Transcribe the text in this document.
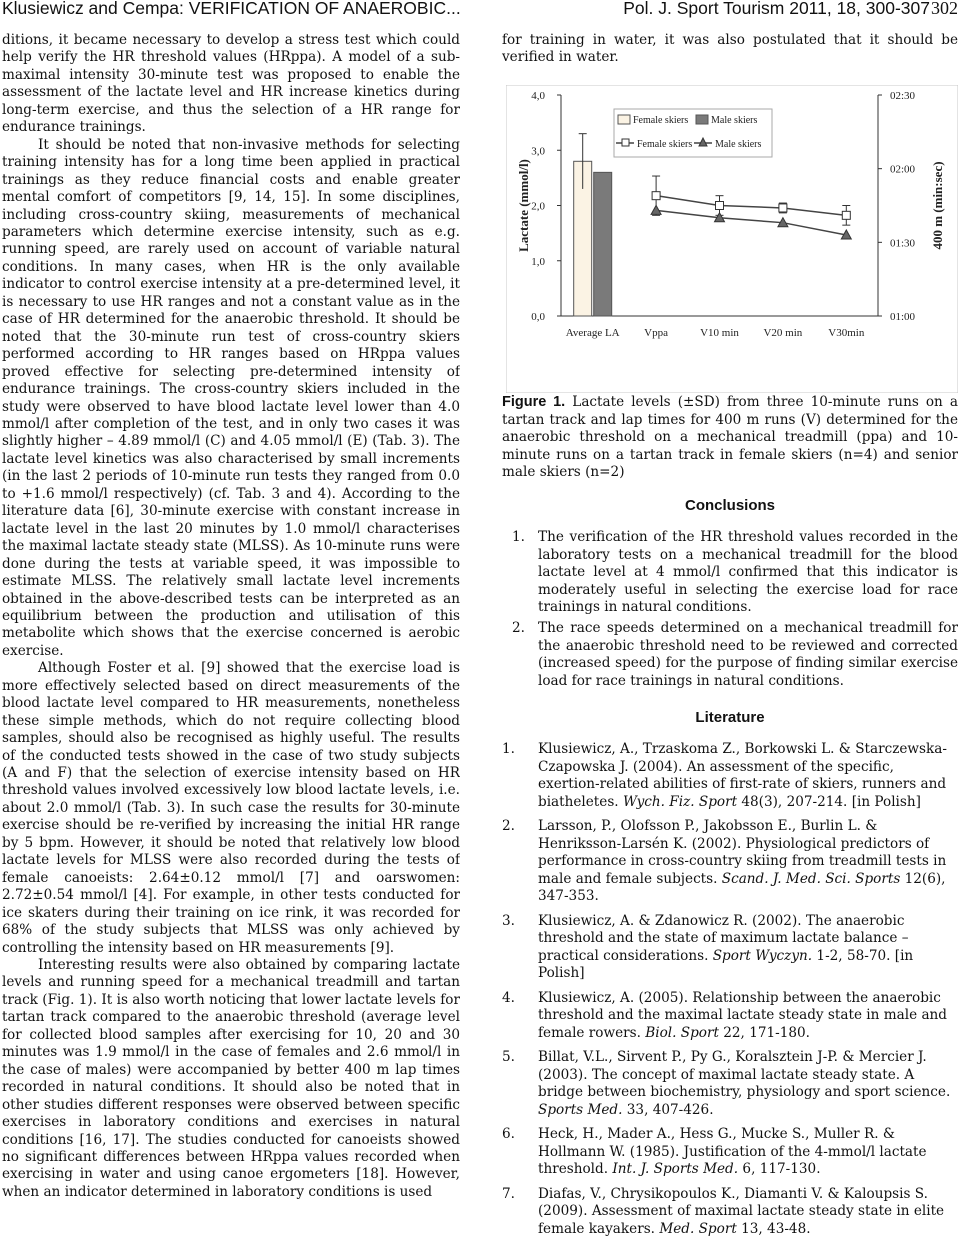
Klusiewicz and Cempa: VERIFICATION OF ANAEROBIC...	Pol. J. Sport Tourism 2011, 18, 300-307 302

ditions, it became necessary to develop a stress test which could help verify the HR threshold values (HRppa). A model of a sub-maximal intensity 30-minute test was proposed to enable the assessment of the lactate level and HR increase kinetics during long-term exercise, and thus the selection of a HR range for endurance trainings.

It should be noted that non-invasive methods for selecting training intensity has for a long time been applied in practical trainings as they reduce financial costs and enable greater mental comfort of competitors [9, 14, 15]. In some disciplines, including cross-country skiing, measurements of mechanical parameters which determine exercise intensity, such as e.g. running speed, are rarely used on account of variable natural conditions. In many cases, when HR is the only available indicator to control exercise intensity at a pre-determined level, it is necessary to use HR ranges and not a constant value as in the case of HR determined for the anaerobic threshold. It should be noted that the 30-minute run test of cross-country skiers performed according to HR ranges based on HRppa values proved effective for selecting pre-determined intensity of endurance trainings. The cross-country skiers included in the study were observed to have blood lactate level lower than 4.0 mmol/l after completion of the test, and in only two cases it was slightly higher – 4.89 mmol/l (C) and 4.05 mmol/l (E) (Tab. 3). The lactate level kinetics was also characterised by small increments (in the last 2 periods of 10-minute run tests they ranged from 0.0 to +1.6 mmol/l respectively) (cf. Tab. 3 and 4). According to the literature data [6], 30-minute exercise with constant increase in lactate level in the last 20 minutes by 1.0 mmol/l characterises the maximal lactate steady state (MLSS). As 10-minute runs were done during the tests at variable speed, it was impossible to estimate MLSS. The relatively small lactate level increments obtained in the above-described tests can be interpreted as an equilibrium between the production and utilisation of this metabolite which shows that the exercise concerned is aerobic exercise.

Although Foster et al. [9] showed that the exercise load is more effectively selected based on direct measurements of the blood lactate level compared to HR measurements, nonetheless these simple methods, which do not require collecting blood samples, should also be recognised as highly useful. The results of the conducted tests showed in the case of two study subjects (A and F) that the selection of exercise intensity based on HR threshold values involved excessively low blood lactate levels, i.e. about 2.0 mmol/l (Tab. 3). In such case the results for 30-minute exercise should be re-verified by increasing the initial HR range by 5 bpm. However, it should be noted that relatively low blood lactate levels for MLSS were also recorded during the tests of female canoeists: 2.64±0.12 mmol/l [7] and oarswomen: 2.72±0.54 mmol/l [4]. For example, in other tests conducted for ice skaters during their training on ice rink, it was recorded for 68% of the study subjects that MLSS was only achieved by controlling the intensity based on HR measurements [9].

Interesting results were also obtained by comparing lactate levels and running speed for a mechanical treadmill and tartan track (Fig. 1). It is also worth noticing that lower lactate levels for tartan track compared to the anaerobic threshold (average level for collected blood samples after exercising for 10, 20 and 30 minutes was 1.9 mmol/l in the case of females and 2.6 mmol/l in the case of males) were accompanied by better 400 m lap times recorded in natural conditions. It should also be noted that in other studies different responses were observed between specific exercises in laboratory conditions and exercises in natural conditions [16, 17]. The studies conducted for canoeists showed no significant differences between HRppa values recorded when exercising in water and using canoe ergometers [18]. However, when an indicator determined in laboratory conditions is used

for training in water, it was also postulated that it should be verified in water.

0,0
1,0
2,0
3,0
4,0
01:00
01:30
02:00
02:30
Average LA Vppa	V10 min V20 min V30min
Lactate (mmol/l)	400 m (min:sec)
Female skiers Male skiers
Female skiers Male skiers
Figure 1. Lactate levels (±SD) from three 10-minute runs on a tartan track and lap times for 400 m runs (V) determined for the anaerobic threshold on a mechanical treadmill (ppa) and 10-minute runs on a tartan track in female skiers (n=4) and senior male skiers (n=2)
Conclusions
1. The verification of the HR threshold values recorded in the laboratory tests on a mechanical treadmill for the blood lactate level at 4 mmol/l confirmed that this indicator is moderately useful in selecting the exercise load for race trainings in natural conditions.
2. The race speeds determined on a mechanical treadmill for the anaerobic threshold need to be reviewed and corrected (increased speed) for the purpose of finding similar exercise load for race trainings in natural conditions.
Literature
1. Klusiewicz, A., Trzaskoma Z., Borkowski L. & Starczewska-Czapowska J. (2004). An assessment of the specific, exertion-related abilities of first-rate of skiers, runners and biatheletes. Wych. Fiz. Sport 48(3), 207-214. [in Polish]
2. Larsson, P., Olofsson P., Jakobsson E., Burlin L. & Henriksson-Larsén K. (2002). Physiological predictors of performance in cross-country skiing from treadmill tests in male and female subjects. Scand. J. Med. Sci. Sports 12(6), 347-353.
3. Klusiewicz, A. & Zdanowicz R. (2002). The anaerobic threshold and the state of maximum lactate balance – practical considerations. Sport Wyczyn. 1-2, 58-70. [in Polish]
4. Klusiewicz, A. (2005). Relationship between the anaerobic threshold and the maximal lactate steady state in male and female rowers. Biol. Sport 22, 171-180.
5. Billat, V.L., Sirvent P., Py G., Koralsztein J-P. & Mercier J. (2003). The concept of maximal lactate steady state. A bridge between biochemistry, physiology and sport science. Sports Med. 33, 407-426.
6. Heck, H., Mader A., Hess G., Mucke S., Muller R. & Hollmann W. (1985). Justification of the 4-mmol/l lactate threshold. Int. J. Sports Med. 6, 117-130.
7. Diafas, V., Chrysikopoulos K., Diamanti V. & Kaloupsis S. (2009). Assessment of maximal lactate steady state in elite female kayakers. Med. Sport 13, 43-48.
